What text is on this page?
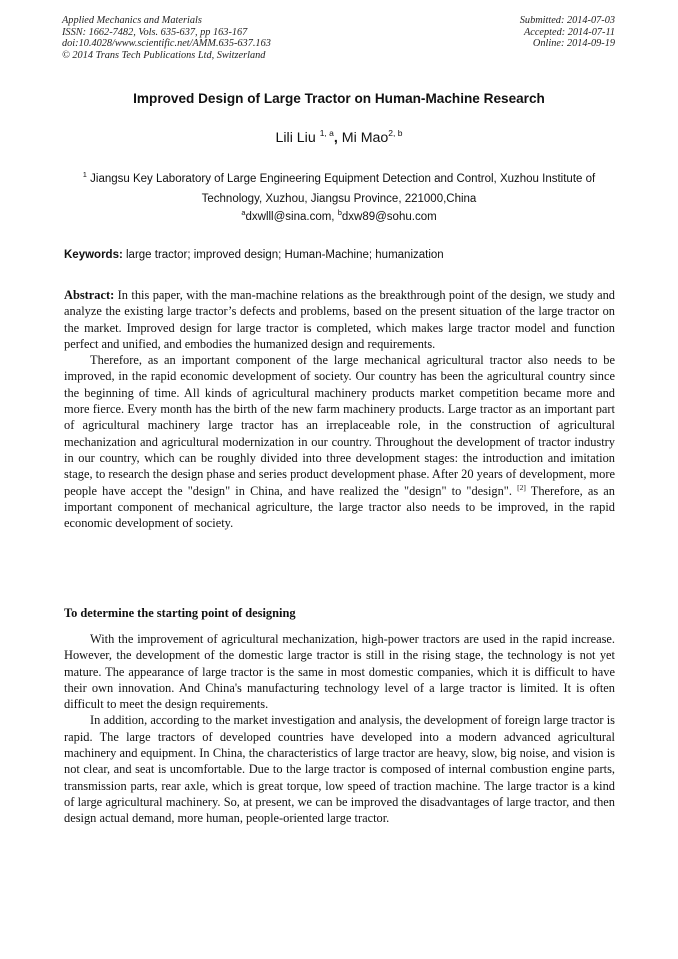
Applied Mechanics and Materials
ISSN: 1662-7482, Vols. 635-637, pp 163-167
doi:10.4028/www.scientific.net/AMM.635-637.163
© 2014 Trans Tech Publications Ltd, Switzerland
Submitted: 2014-07-03
Accepted: 2014-07-11
Online: 2014-09-19
Improved Design of Large Tractor on Human-Machine Research
Lili Liu $^{1, a}$, Mi Mao$^{2, b}$
$^1$ Jiangsu Key Laboratory of Large Engineering Equipment Detection and Control, Xuzhou Institute of Technology, Xuzhou, Jiangsu Province, 221000,China
$^a$dxwlll@sina.com, $^b$dxw89@sohu.com
Keywords: large tractor; improved design; Human-Machine; humanization

Abstract: In this paper, with the man-machine relations as the breakthrough point of the design, we study and analyze the existing large tractor’s defects and problems, based on the present situation of the large tractor on the market. Improved design for large tractor is completed, which makes large tractor model and function perfect and unified, and embodies the humanized design and requirements.

Therefore, as an important component of the large mechanical agricultural tractor also needs to be improved, in the rapid economic development of society. Our country has been the agricultural country since the beginning of time. All kinds of agricultural machinery products market competition became more and more fierce. Every month has the birth of the new farm machinery products. Large tractor as an important part of agricultural machinery large tractor has an irreplaceable role, in the construction of agricultural mechanization and agricultural modernization in our country. Throughout the development of tractor industry in our country, which can be roughly divided into three development stages: the introduction and imitation stage, to research the design phase and series product development phase. After 20 years of development, more people have accept the "design" in China, and have realized the "design" to "design". [2] Therefore, as an important component of mechanical agriculture, the large tractor also needs to be improved, in the rapid economic development of society.

To determine the starting point of designing

With the improvement of agricultural mechanization, high-power tractors are used in the rapid increase. However, the development of the domestic large tractor is still in the rising stage, the technology is not yet mature. The appearance of large tractor is the same in most domestic companies, which it is difficult to have their own innovation. And China's manufacturing technology level of a large tractor is limited. It is often difficult to meet the design requirements.

In addition, according to the market investigation and analysis, the development of foreign large tractor is rapid. The large tractors of developed countries have developed into a modern advanced agricultural machinery and equipment. In China, the characteristics of large tractor are heavy, slow, big noise, and vision is not clear, and seat is uncomfortable. Due to the large tractor is composed of internal combustion engine parts, transmission parts, rear axle, which is great torque, low speed of traction machine. The large tractor is a kind of large agricultural machinery. So, at present, we can be improved the disadvantages of large tractor, and then design actual demand, more human, people-oriented large tractor.
